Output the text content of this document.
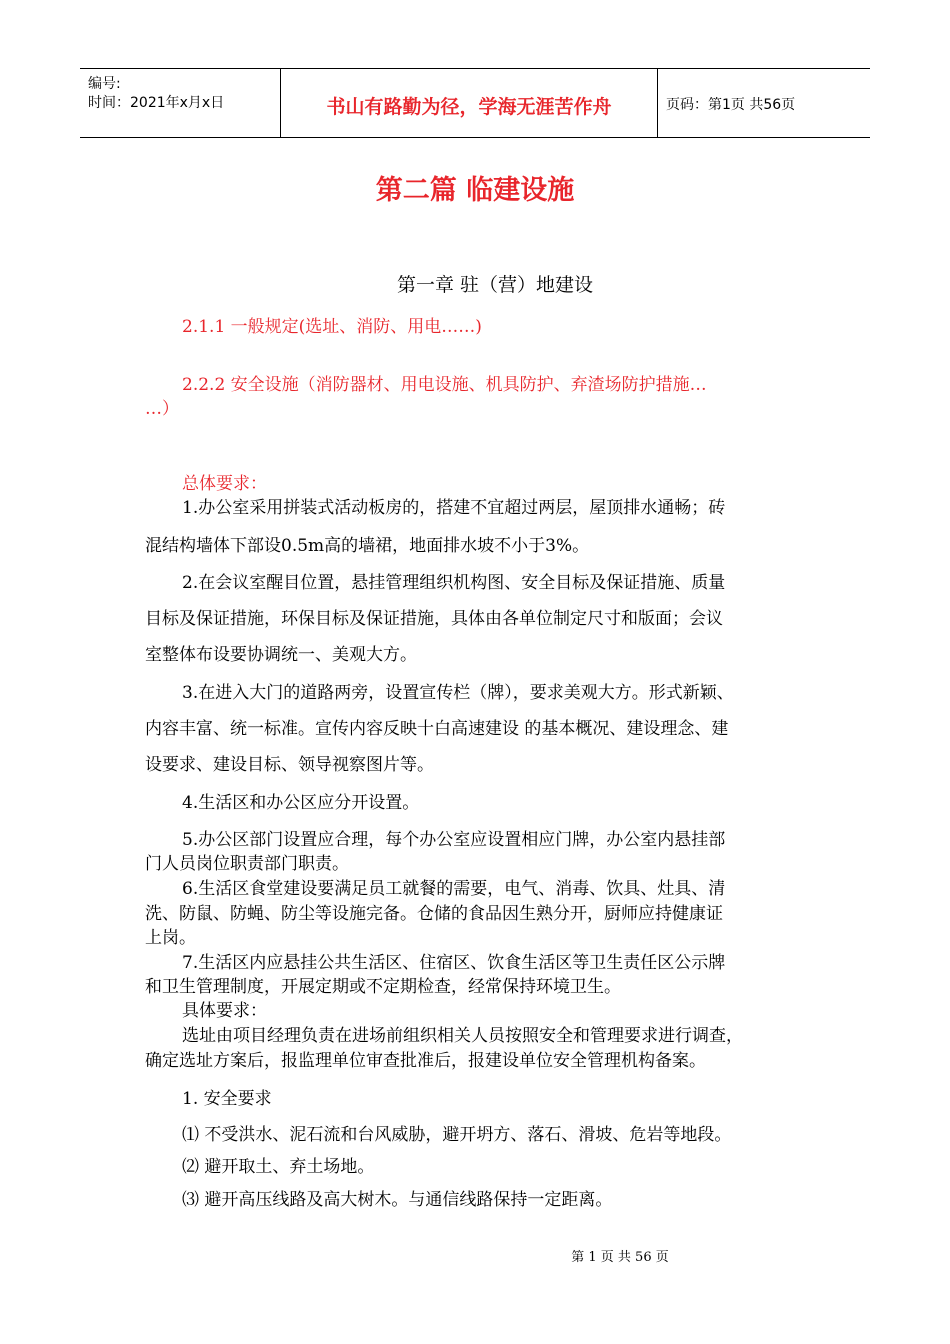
编号:
时间：2021年x月x日	书山有路勤为径，学海无涯苦作舟	页码：第1页 共56页
第二篇 临建设施
第一章 驻（营）地建设
2.1.1 一般规定(选址、消防、用电……)
2.2.2 安全设施（消防器材、用电设施、机具防护、弃渣场防护措施…
…）
总体要求：
1.办公室采用拼装式活动板房的，搭建不宜超过两层，屋顶排水通畅；砖
混结构墙体下部设0.5m高的墙裙，地面排水坡不小于3%。
2.在会议室醒目位置，悬挂管理组织机构图、安全目标及保证措施、质量
目标及保证措施，环保目标及保证措施，具体由各单位制定尺寸和版面；会议
室整体布设要协调统一、美观大方。
3.在进入大门的道路两旁，设置宣传栏（牌），要求美观大方。形式新颖、
内容丰富、统一标准。宣传内容反映十白高速建设 的基本概况、建设理念、建
设要求、建设目标、领导视察图片等。
4.生活区和办公区应分开设置。
5.办公区部门设置应合理，每个办公室应设置相应门牌，办公室内悬挂部
门人员岗位职责部门职责。
6.生活区食堂建设要满足员工就餐的需要，电气、消毒、饮具、灶具、清
洗、防鼠、防蝇、防尘等设施完备。仓储的食品因生熟分开，厨师应持健康证
上岗。
7.生活区内应悬挂公共生活区、住宿区、饮食生活区等卫生责任区公示牌
和卫生管理制度，开展定期或不定期检查，经常保持环境卫生。
具体要求：
选址由项目经理负责在进场前组织相关人员按照安全和管理要求进行调查，
确定选址方案后，报监理单位审查批准后，报建设单位安全管理机构备案。
1. 安全要求
⑴ 不受洪水、泥石流和台风威胁，避开坍方、落石、滑坡、危岩等地段。
⑵ 避开取土、弃土场地。
⑶ 避开高压线路及高大树木。与通信线路保持一定距离。
第 1 页 共 56 页
